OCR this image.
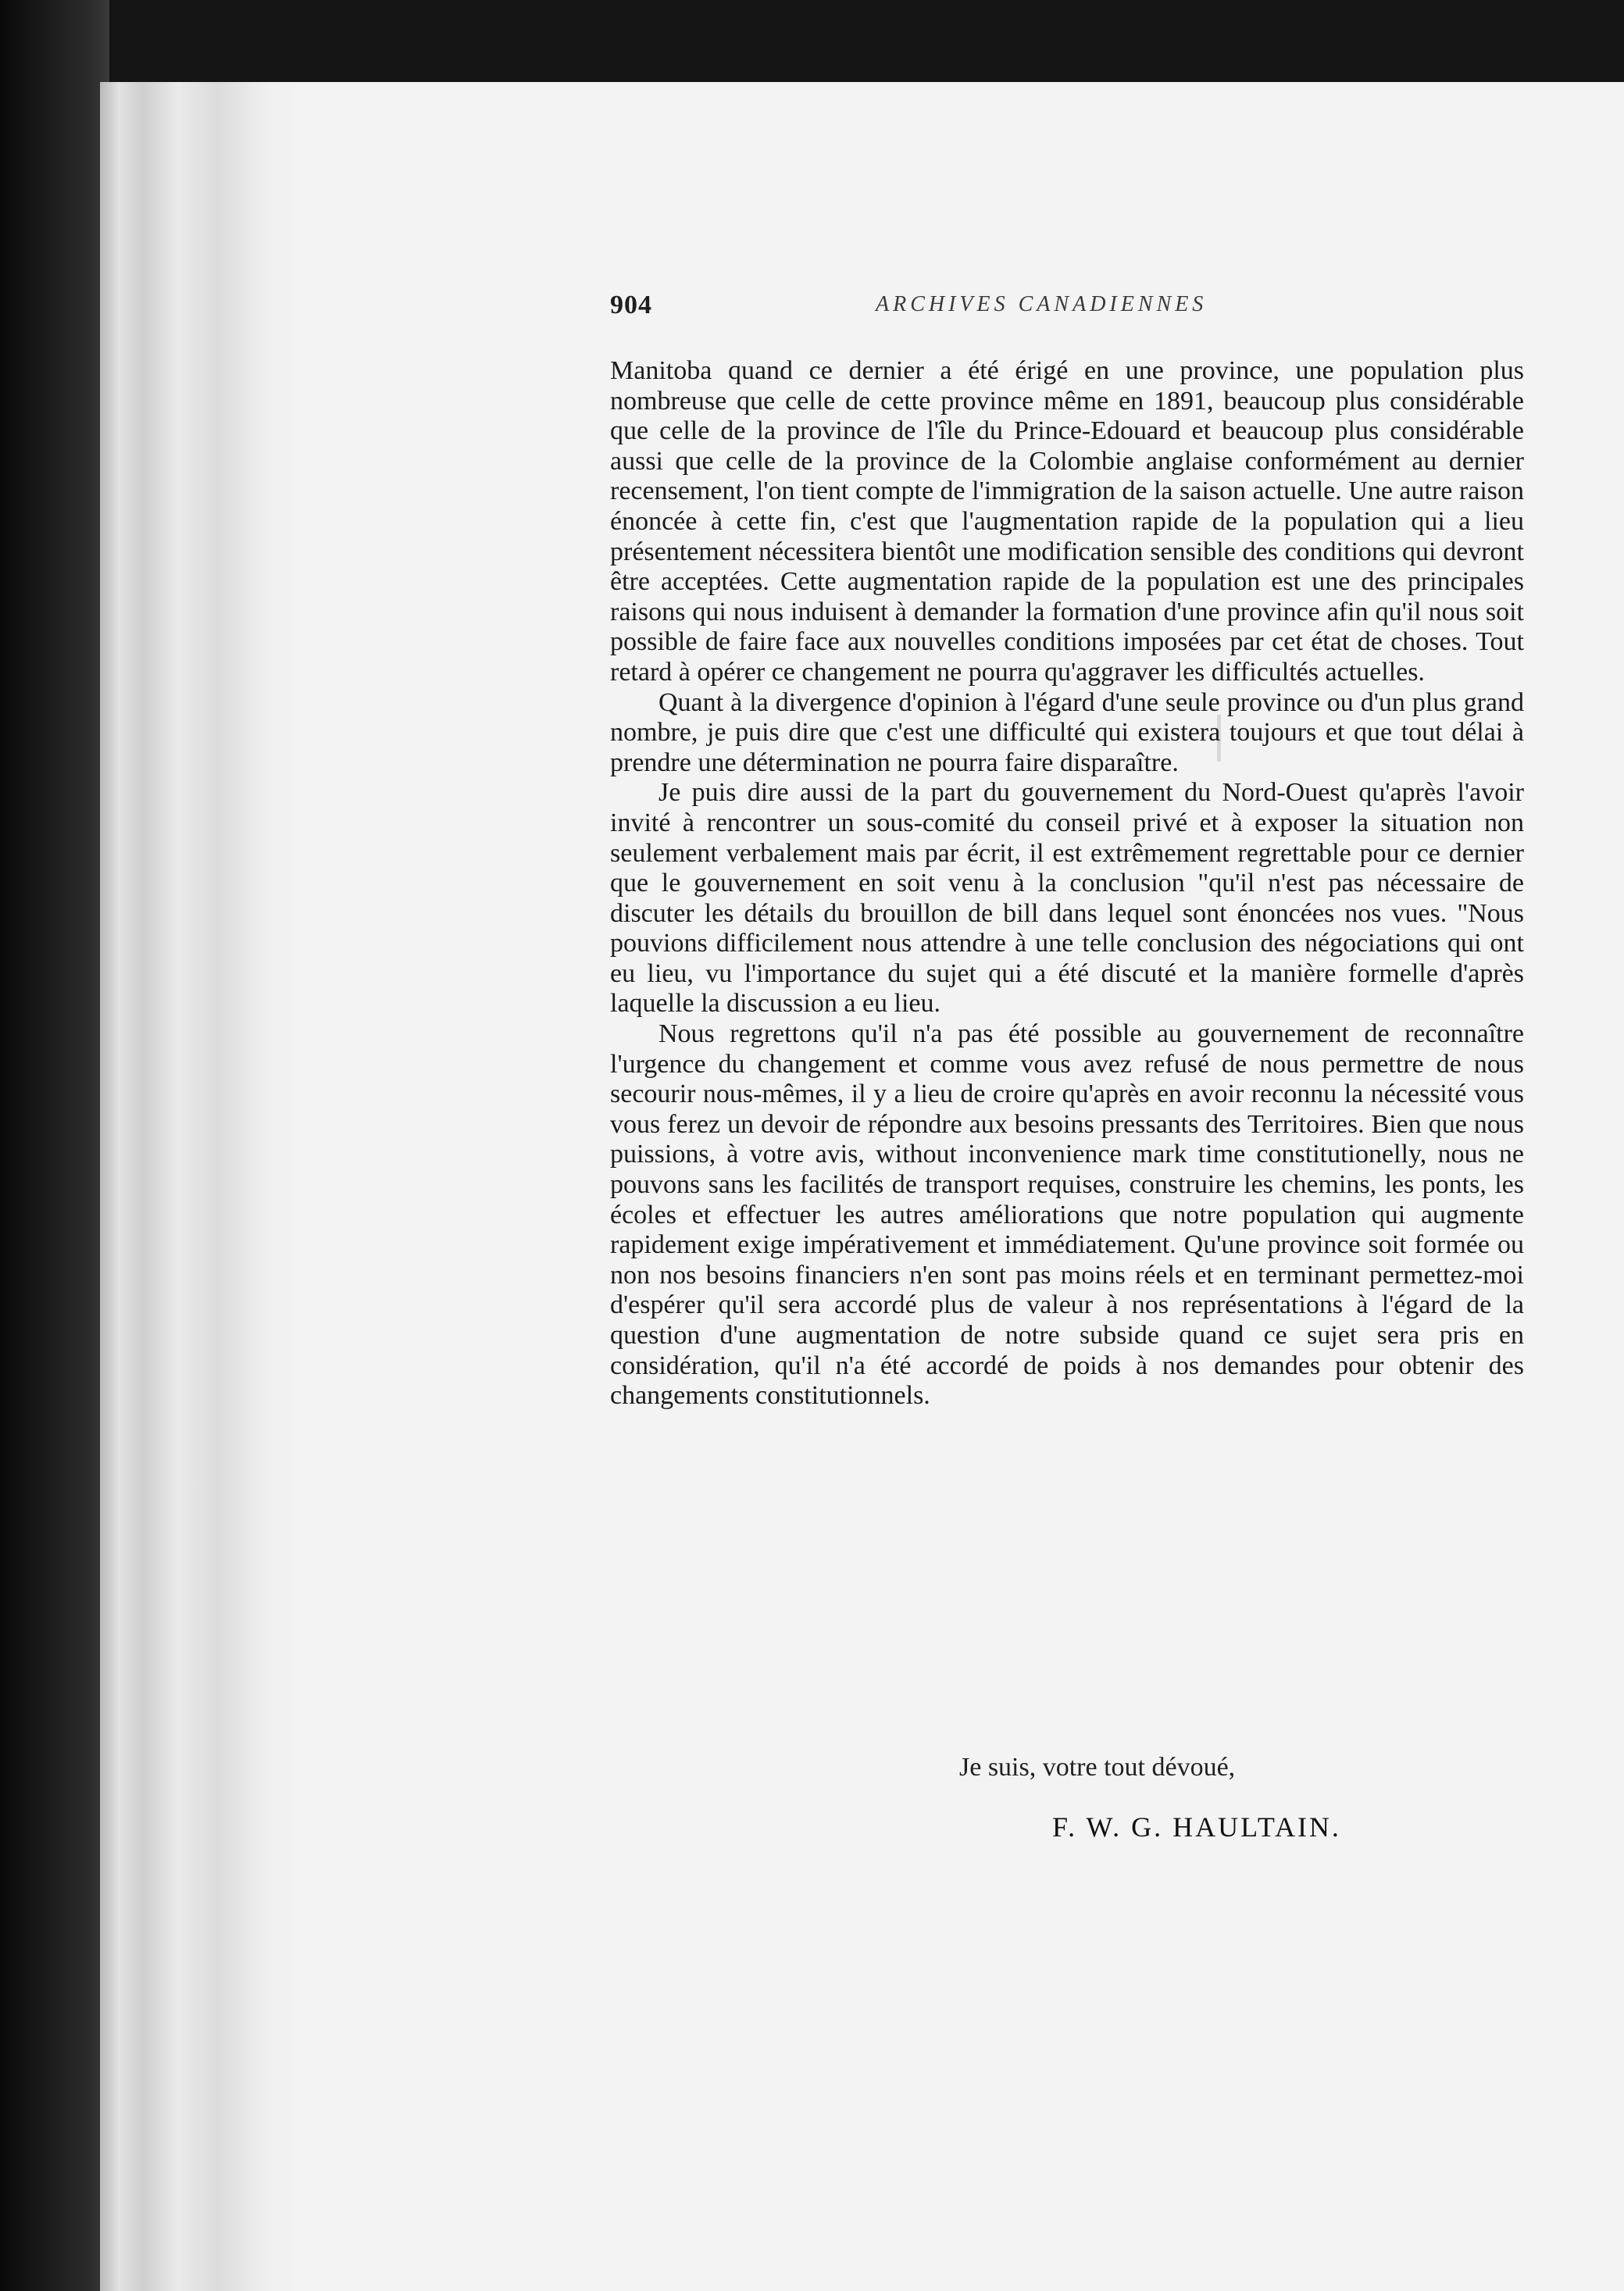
904	ARCHIVES CANADIENNES

Manitoba quand ce dernier a été érigé en une province, une population plus nombreuse que celle de cette province même en 1891, beaucoup plus considérable que celle de la province de l'île du Prince-Edouard et beaucoup plus considérable aussi que celle de la province de la Colombie anglaise conformément au dernier recensement, l'on tient compte de l'immigration de la saison actuelle. Une autre raison énoncée à cette fin, c'est que l'augmentation rapide de la population qui a lieu présentement nécessitera bientôt une modification sensible des conditions qui devront être acceptées. Cette augmentation rapide de la population est une des principales raisons qui nous induisent à demander la formation d'une province afin qu'il nous soit possible de faire face aux nouvelles conditions imposées par cet état de choses. Tout retard à opérer ce changement ne pourra qu'aggraver les difficultés actuelles.

Quant à la divergence d'opinion à l'égard d'une seule province ou d'un plus grand nombre, je puis dire que c'est une difficulté qui existera toujours et que tout délai à prendre une détermination ne pourra faire disparaître.

Je puis dire aussi de la part du gouvernement du Nord-Ouest qu'après l'avoir invité à rencontrer un sous-comité du conseil privé et à exposer la situation non seulement verbalement mais par écrit, il est extrêmement regrettable pour ce dernier que le gouvernement en soit venu à la conclusion "qu'il n'est pas nécessaire de discuter les détails du brouillon de bill dans lequel sont énoncées nos vues. "Nous pouvions difficilement nous attendre à une telle conclusion des négociations qui ont eu lieu, vu l'importance du sujet qui a été discuté et la manière formelle d'après laquelle la discussion a eu lieu.

Nous regrettons qu'il n'a pas été possible au gouvernement de reconnaître l'urgence du changement et comme vous avez refusé de nous permettre de nous secourir nous-mêmes, il y a lieu de croire qu'après en avoir reconnu la nécessité vous vous ferez un devoir de répondre aux besoins pressants des Territoires. Bien que nous puissions, à votre avis, without inconvenience mark time constitutionelly, nous ne pouvons sans les facilités de transport requises, construire les chemins, les ponts, les écoles et effectuer les autres améliorations que notre population qui augmente rapidement exige impérativement et immédiatement. Qu'une province soit formée ou non nos besoins financiers n'en sont pas moins réels et en terminant permettez-moi d'espérer qu'il sera accordé plus de valeur à nos représentations à l'égard de la question d'une augmentation de notre subside quand ce sujet sera pris en considération, qu'il n'a été accordé de poids à nos demandes pour obtenir des changements constitutionnels.

Je suis, votre tout dévoué,
F. W. G. HAULTAIN.
